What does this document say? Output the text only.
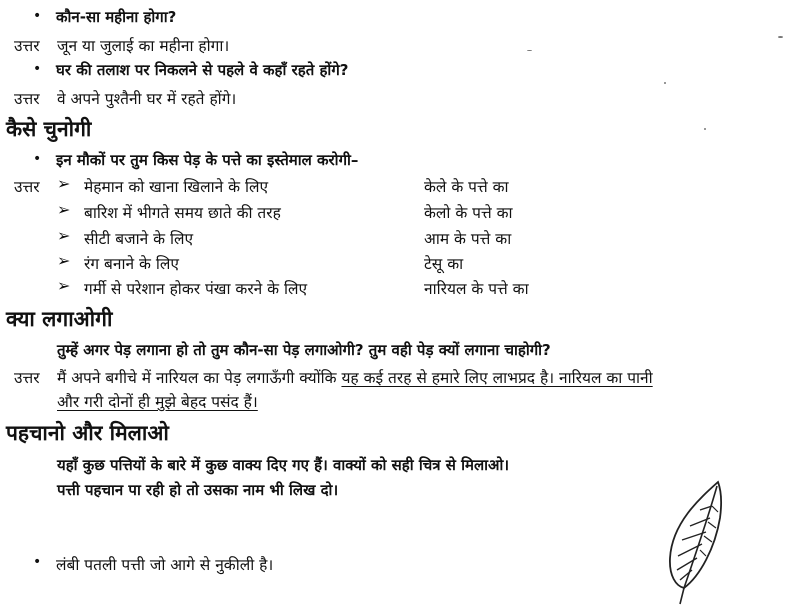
• कौन-सा महीना होगा?
उत्तर जून या जुलाई का महीना होगा।
• घर की तलाश पर निकलने से पहले वे कहाँ रहते होंगे?
उत्तर वे अपने पुश्तैनी घर में रहते होंगे।
कैसे चुनोगी
• इन मौकों पर तुम किस पेड़ के पत्ते का इस्तेमाल करोगी–
उत्तर ➢ मेहमान को खाना खिलाने के लिए	केले के पत्ते का
➢ बारिश में भीगते समय छाते की तरह	केलो के पत्ते का
➢ सीटी बजाने के लिए	आम के पत्ते का
➢ रंग बनाने के लिए	टेसू का
➢ गर्मी से परेशान होकर पंखा करने के लिए	नारियल के पत्ते का
क्या लगाओगी
तुम्हें अगर पेड़ लगाना हो तो तुम कौन-सा पेड़ लगाओगी? तुम वही पेड़ क्यों लगाना चाहोगी?
उत्तर मैं अपने बगीचे में नारियल का पेड़ लगाऊँगी क्योंकि यह कई तरह से हमारे लिए लाभप्रद है। नारियल का पानी
और गरी दोनों ही मुझे बेहद पसंद हैं।
पहचानो और मिलाओ
यहाँ कुछ पत्तियों के बारे में कुछ वाक्य दिए गए हैं। वाक्यों को सही चित्र से मिलाओ।
पत्ती पहचान पा रही हो तो उसका नाम भी लिख दो।
• लंबी पतली पत्ती जो आगे से नुकीली है।
